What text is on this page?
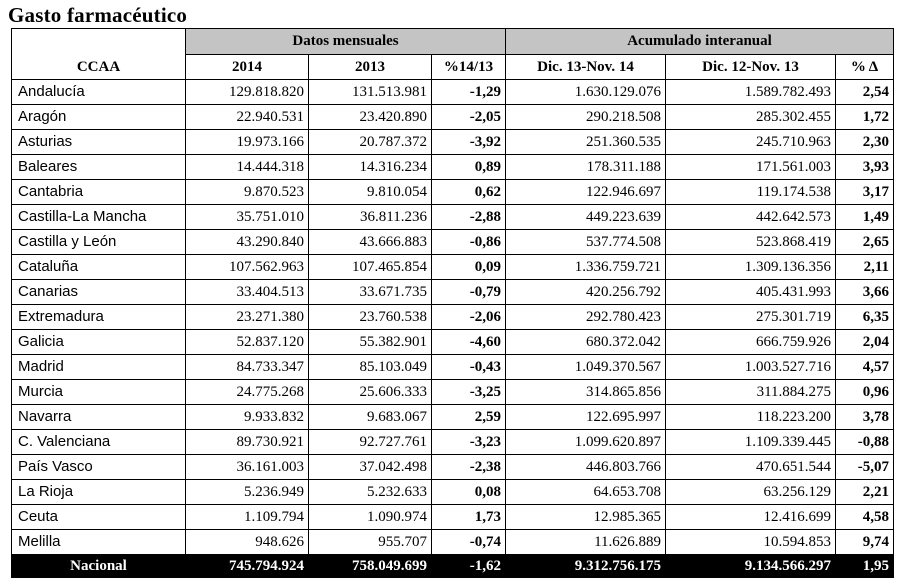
Gasto farmacéutico
	Datos mensuales			Acumulado interanual		
CCAA	2014	2013	%14/13	Dic. 13-Nov. 14	Dic. 12-Nov. 13	% Δ
Andalucía	129.818.820	131.513.981	-1,29	1.630.129.076	1.589.782.493	2,54
Aragón	22.940.531	23.420.890	-2,05	290.218.508	285.302.455	1,72
Asturias	19.973.166	20.787.372	-3,92	251.360.535	245.710.963	2,30
Baleares	14.444.318	14.316.234	0,89	178.311.188	171.561.003	3,93
Cantabria	9.870.523	9.810.054	0,62	122.946.697	119.174.538	3,17
Castilla-La Mancha	35.751.010	36.811.236	-2,88	449.223.639	442.642.573	1,49
Castilla y León	43.290.840	43.666.883	-0,86	537.774.508	523.868.419	2,65
Cataluña	107.562.963	107.465.854	0,09	1.336.759.721	1.309.136.356	2,11
Canarias	33.404.513	33.671.735	-0,79	420.256.792	405.431.993	3,66
Extremadura	23.271.380	23.760.538	-2,06	292.780.423	275.301.719	6,35
Galicia	52.837.120	55.382.901	-4,60	680.372.042	666.759.926	2,04
Madrid	84.733.347	85.103.049	-0,43	1.049.370.567	1.003.527.716	4,57
Murcia	24.775.268	25.606.333	-3,25	314.865.856	311.884.275	0,96
Navarra	9.933.832	9.683.067	2,59	122.695.997	118.223.200	3,78
C. Valenciana	89.730.921	92.727.761	-3,23	1.099.620.897	1.109.339.445	-0,88
País Vasco	36.161.003	37.042.498	-2,38	446.803.766	470.651.544	-5,07
La Rioja	5.236.949	5.232.633	0,08	64.653.708	63.256.129	2,21
Ceuta	1.109.794	1.090.974	1,73	12.985.365	12.416.699	4,58
Melilla	948.626	955.707	-0,74	11.626.889	10.594.853	9,74
Nacional	745.794.924	758.049.699	-1,62	9.312.756.175	9.134.566.297	1,95
